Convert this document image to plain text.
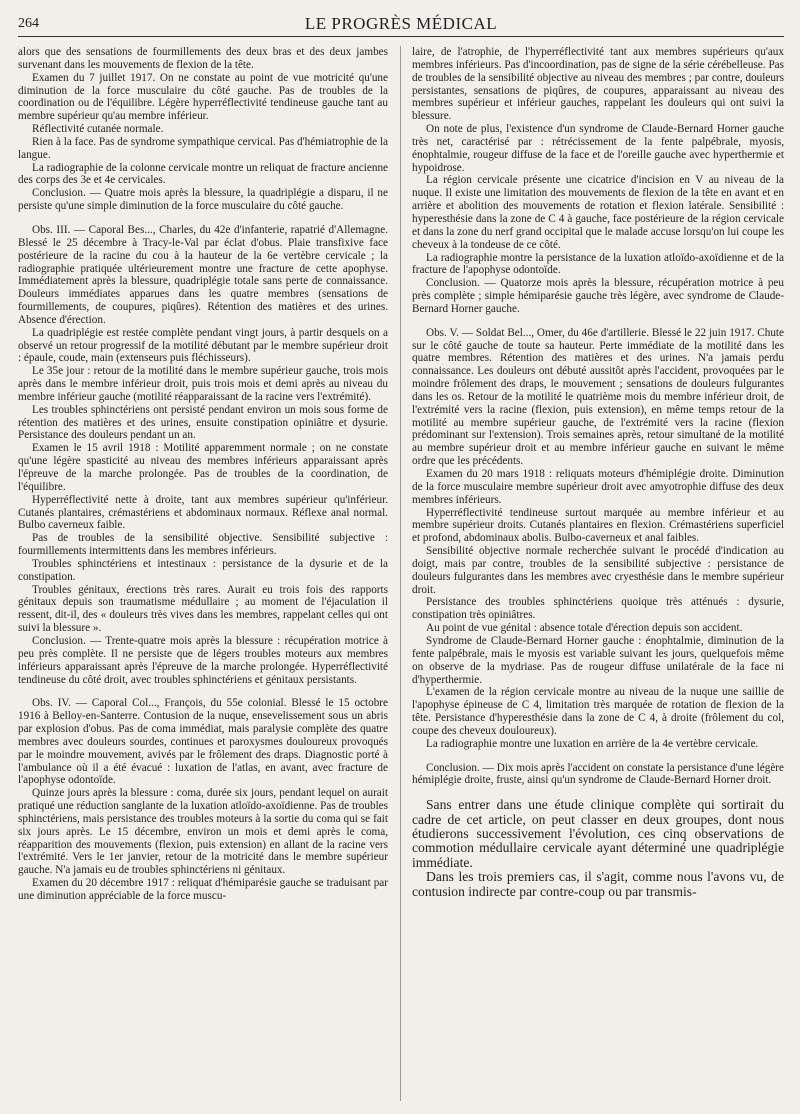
264	LE PROGRÈS MÉDICAL

alors que des sensations de fourmillements des deux bras et des deux jambes survenant dans les mouvements de flexion de la tête.

Examen du 7 juillet 1917. On ne constate au point de vue motricité qu'une diminution de la force musculaire du côté gauche. Pas de troubles de la coordination ou de l'équilibre. Légère hyperréflectivité tendineuse gauche tant au membre supérieur qu'au membre inférieur.

Réflectivité cutanée normale.

Rien à la face. Pas de syndrome sympathique cervical. Pas d'hémiatrophie de la langue.

La radiographie de la colonne cervicale montre un reliquat de fracture ancienne des corps des 3e et 4e cervicales.

Conclusion. — Quatre mois après la blessure, la quadriplégie a disparu, il ne persiste qu'une simple diminution de la force musculaire du côté gauche.

Obs. III. — Caporal Bes..., Charles, du 42e d'infanterie, rapatrié d'Allemagne. Blessé le 25 décembre à Tracy-le-Val par éclat d'obus. Plaie transfixive face postérieure de la racine du cou à la hauteur de la 6e vertèbre cervicale ; la radiographie pratiquée ultérieurement montre une fracture de cette apophyse. Immédiatement après la blessure, quadriplégie totale sans perte de connaissance. Douleurs immédiates apparues dans les quatre membres (sensations de fourmillements, de coupures, piqûres). Rétention des matières et des urines. Absence d'érection.

La quadriplégie est restée complète pendant vingt jours, à partir desquels on a observé un retour progressif de la motilité débutant par le membre supérieur droit : épaule, coude, main (extenseurs puis fléchisseurs).

Le 35e jour : retour de la motilité dans le membre supérieur gauche, trois mois après dans le membre inférieur droit, puis trois mois et demi après au niveau du membre inférieur gauche (motilité réapparaissant de la racine vers l'extrémité).

Les troubles sphinctériens ont persisté pendant environ un mois sous forme de rétention des matières et des urines, ensuite constipation opiniâtre et dysurie. Persistance des douleurs pendant un an.

Examen le 15 avril 1918 : Motilité apparemment normale ; on ne constate qu'une légère spasticité au niveau des membres inférieurs apparaissant après l'épreuve de la marche prolongée. Pas de troubles de la coordination, de l'équilibre.

Hyperréflectivité nette à droite, tant aux membres supérieur qu'inférieur. Cutanés plantaires, crémastériens et abdominaux normaux. Réflexe anal normal. Bulbo caverneux faible.

Pas de troubles de la sensibilité objective. Sensibilité subjective : fourmillements intermittents dans les membres inférieurs.

Troubles sphinctériens et intestinaux : persistance de la dysurie et de la constipation.

Troubles génitaux, érections très rares. Aurait eu trois fois des rapports génitaux depuis son traumatisme médullaire ; au moment de l'éjaculation il ressent, dit-il, des « douleurs très vives dans les membres, rappelant celles qui ont suivi la blessure ».

Conclusion. — Trente-quatre mois après la blessure : récupération motrice à peu près complète. Il ne persiste que de légers troubles moteurs aux membres inférieurs apparaissant après l'épreuve de la marche prolongée. Hyperréflectivité tendineuse du côté droit, avec troubles sphinctériens et génitaux persistants.

Obs. IV. — Caporal Col..., François, du 55e colonial. Blessé le 15 octobre 1916 à Belloy-en-Santerre. Contusion de la nuque, ensevelissement sous un abris par explosion d'obus. Pas de coma immédiat, mais paralysie complète des quatre membres avec douleurs sourdes, continues et paroxysmes douloureux provoqués par le moindre mouvement, avivés par le frôlement des draps. Diagnostic porté à l'ambulance où il a été évacué : luxation de l'atlas, en avant, avec fracture de l'apophyse odontoïde.

Quinze jours après la blessure : coma, durée six jours, pendant lequel on aurait pratiqué une réduction sanglante de la luxation atloïdo-axoïdienne. Pas de troubles sphinctériens, mais persistance des troubles moteurs à la sortie du coma qui se fait six jours après. Le 15 décembre, environ un mois et demi après le coma, réapparition des mouvements (flexion, puis extension) en allant de la racine vers l'extrémité. Vers le 1er janvier, retour de la motricité dans le membre supérieur gauche. N'a jamais eu de troubles sphinctériens ni génitaux.

Examen du 20 décembre 1917 : reliquat d'hémiparésie gauche se traduisant par une diminution appréciable de la force muscu-

laire, de l'atrophie, de l'hyperréflectivité tant aux membres supérieurs qu'aux membres inférieurs. Pas d'incoordination, pas de signe de la série cérébelleuse. Pas de troubles de la sensibilité objective au niveau des membres ; par contre, douleurs persistantes, sensations de piqûres, de coupures, apparaissant au niveau des membres supérieur et inférieur gauches, rappelant les douleurs qui ont suivi la blessure.

On note de plus, l'existence d'un syndrome de Claude-Bernard Horner gauche très net, caractérisé par : rétrécissement de la fente palpébrale, myosis, énophtalmie, rougeur diffuse de la face et de l'oreille gauche avec hyperthermie et hypoidrose.

La région cervicale présente une cicatrice d'incision en V au niveau de la nuque. Il existe une limitation des mouvements de flexion de la tête en avant et en arrière et abolition des mouvements de rotation et flexion latérale. Sensibilité : hyperesthésie dans la zone de C 4 à gauche, face postérieure de la région cervicale et dans la zone du nerf grand occipital que le malade accuse lorsqu'on lui coupe les cheveux à la tondeuse de ce côté.

La radiographie montre la persistance de la luxation atloïdo-axoïdienne et de la fracture de l'apophyse odontoïde.

Conclusion. — Quatorze mois après la blessure, récupération motrice à peu près complète ; simple hémiparésie gauche très légère, avec syndrome de Claude-Bernard Horner gauche.

Obs. V. — Soldat Bel..., Omer, du 46e d'artillerie. Blessé le 22 juin 1917. Chute sur le côté gauche de toute sa hauteur. Perte immédiate de la motilité dans les quatre membres. Rétention des matières et des urines. N'a jamais perdu connaissance. Les douleurs ont débuté aussitôt après l'accident, provoquées par le moindre frôlement des draps, le mouvement ; sensations de douleurs fulgurantes dans les os. Retour de la motilité le quatrième mois du membre inférieur droit, de l'extrémité vers la racine (flexion, puis extension), en même temps retour de la motilité au membre supérieur gauche, de l'extrémité vers la racine (flexion prédominant sur l'extension). Trois semaines après, retour simultané de la motilité au membre supérieur droit et au membre inférieur gauche en suivant le même ordre que les précédents.

Examen du 20 mars 1918 : reliquats moteurs d'hémiplégie droite. Diminution de la force musculaire membre supérieur droit avec amyotrophie diffuse des deux membres inférieurs.

Hyperréflectivité tendineuse surtout marquée au membre inférieur et au membre supérieur droits. Cutanés plantaires en flexion. Crémastériens superficiel et profond, abdominaux abolis. Bulbo-caverneux et anal faibles.

Sensibilité objective normale recherchée suivant le procédé d'indication au doigt, mais par contre, troubles de la sensibilité subjective : persistance de douleurs fulgurantes dans les membres avec cryesthésie dans le membre supérieur droit.

Persistance des troubles sphinctériens quoique très atténués : dysurie, constipation très opiniâtres.

Au point de vue génital : absence totale d'érection depuis son accident.

Syndrome de Claude-Bernard Horner gauche : énophtalmie, diminution de la fente palpébrale, mais le myosis est variable suivant les jours, quelquefois même on observe de la mydriase. Pas de rougeur diffuse unilatérale de la face ni d'hyperthermie.

L'examen de la région cervicale montre au niveau de la nuque une saillie de l'apophyse épineuse de C 4, limitation très marquée de rotation de flexion de la tête. Persistance d'hyperesthésie dans la zone de C 4, à droite (frôlement du col, coupe des cheveux douloureux).

La radiographie montre une luxation en arrière de la 4e vertèbre cervicale.

Conclusion. — Dix mois après l'accident on constate la persistance d'une légère hémiplégie droite, fruste, ainsi qu'un syndrome de Claude-Bernard Horner droit.

Sans entrer dans une étude clinique complète qui sortirait du cadre de cet article, on peut classer en deux groupes, dont nous étudierons successivement l'évolution, ces cinq observations de commotion médullaire cervicale ayant déterminé une quadriplégie immédiate.

Dans les trois premiers cas, il s'agit, comme nous l'avons vu, de contusion indirecte par contre-coup ou par transmis-
